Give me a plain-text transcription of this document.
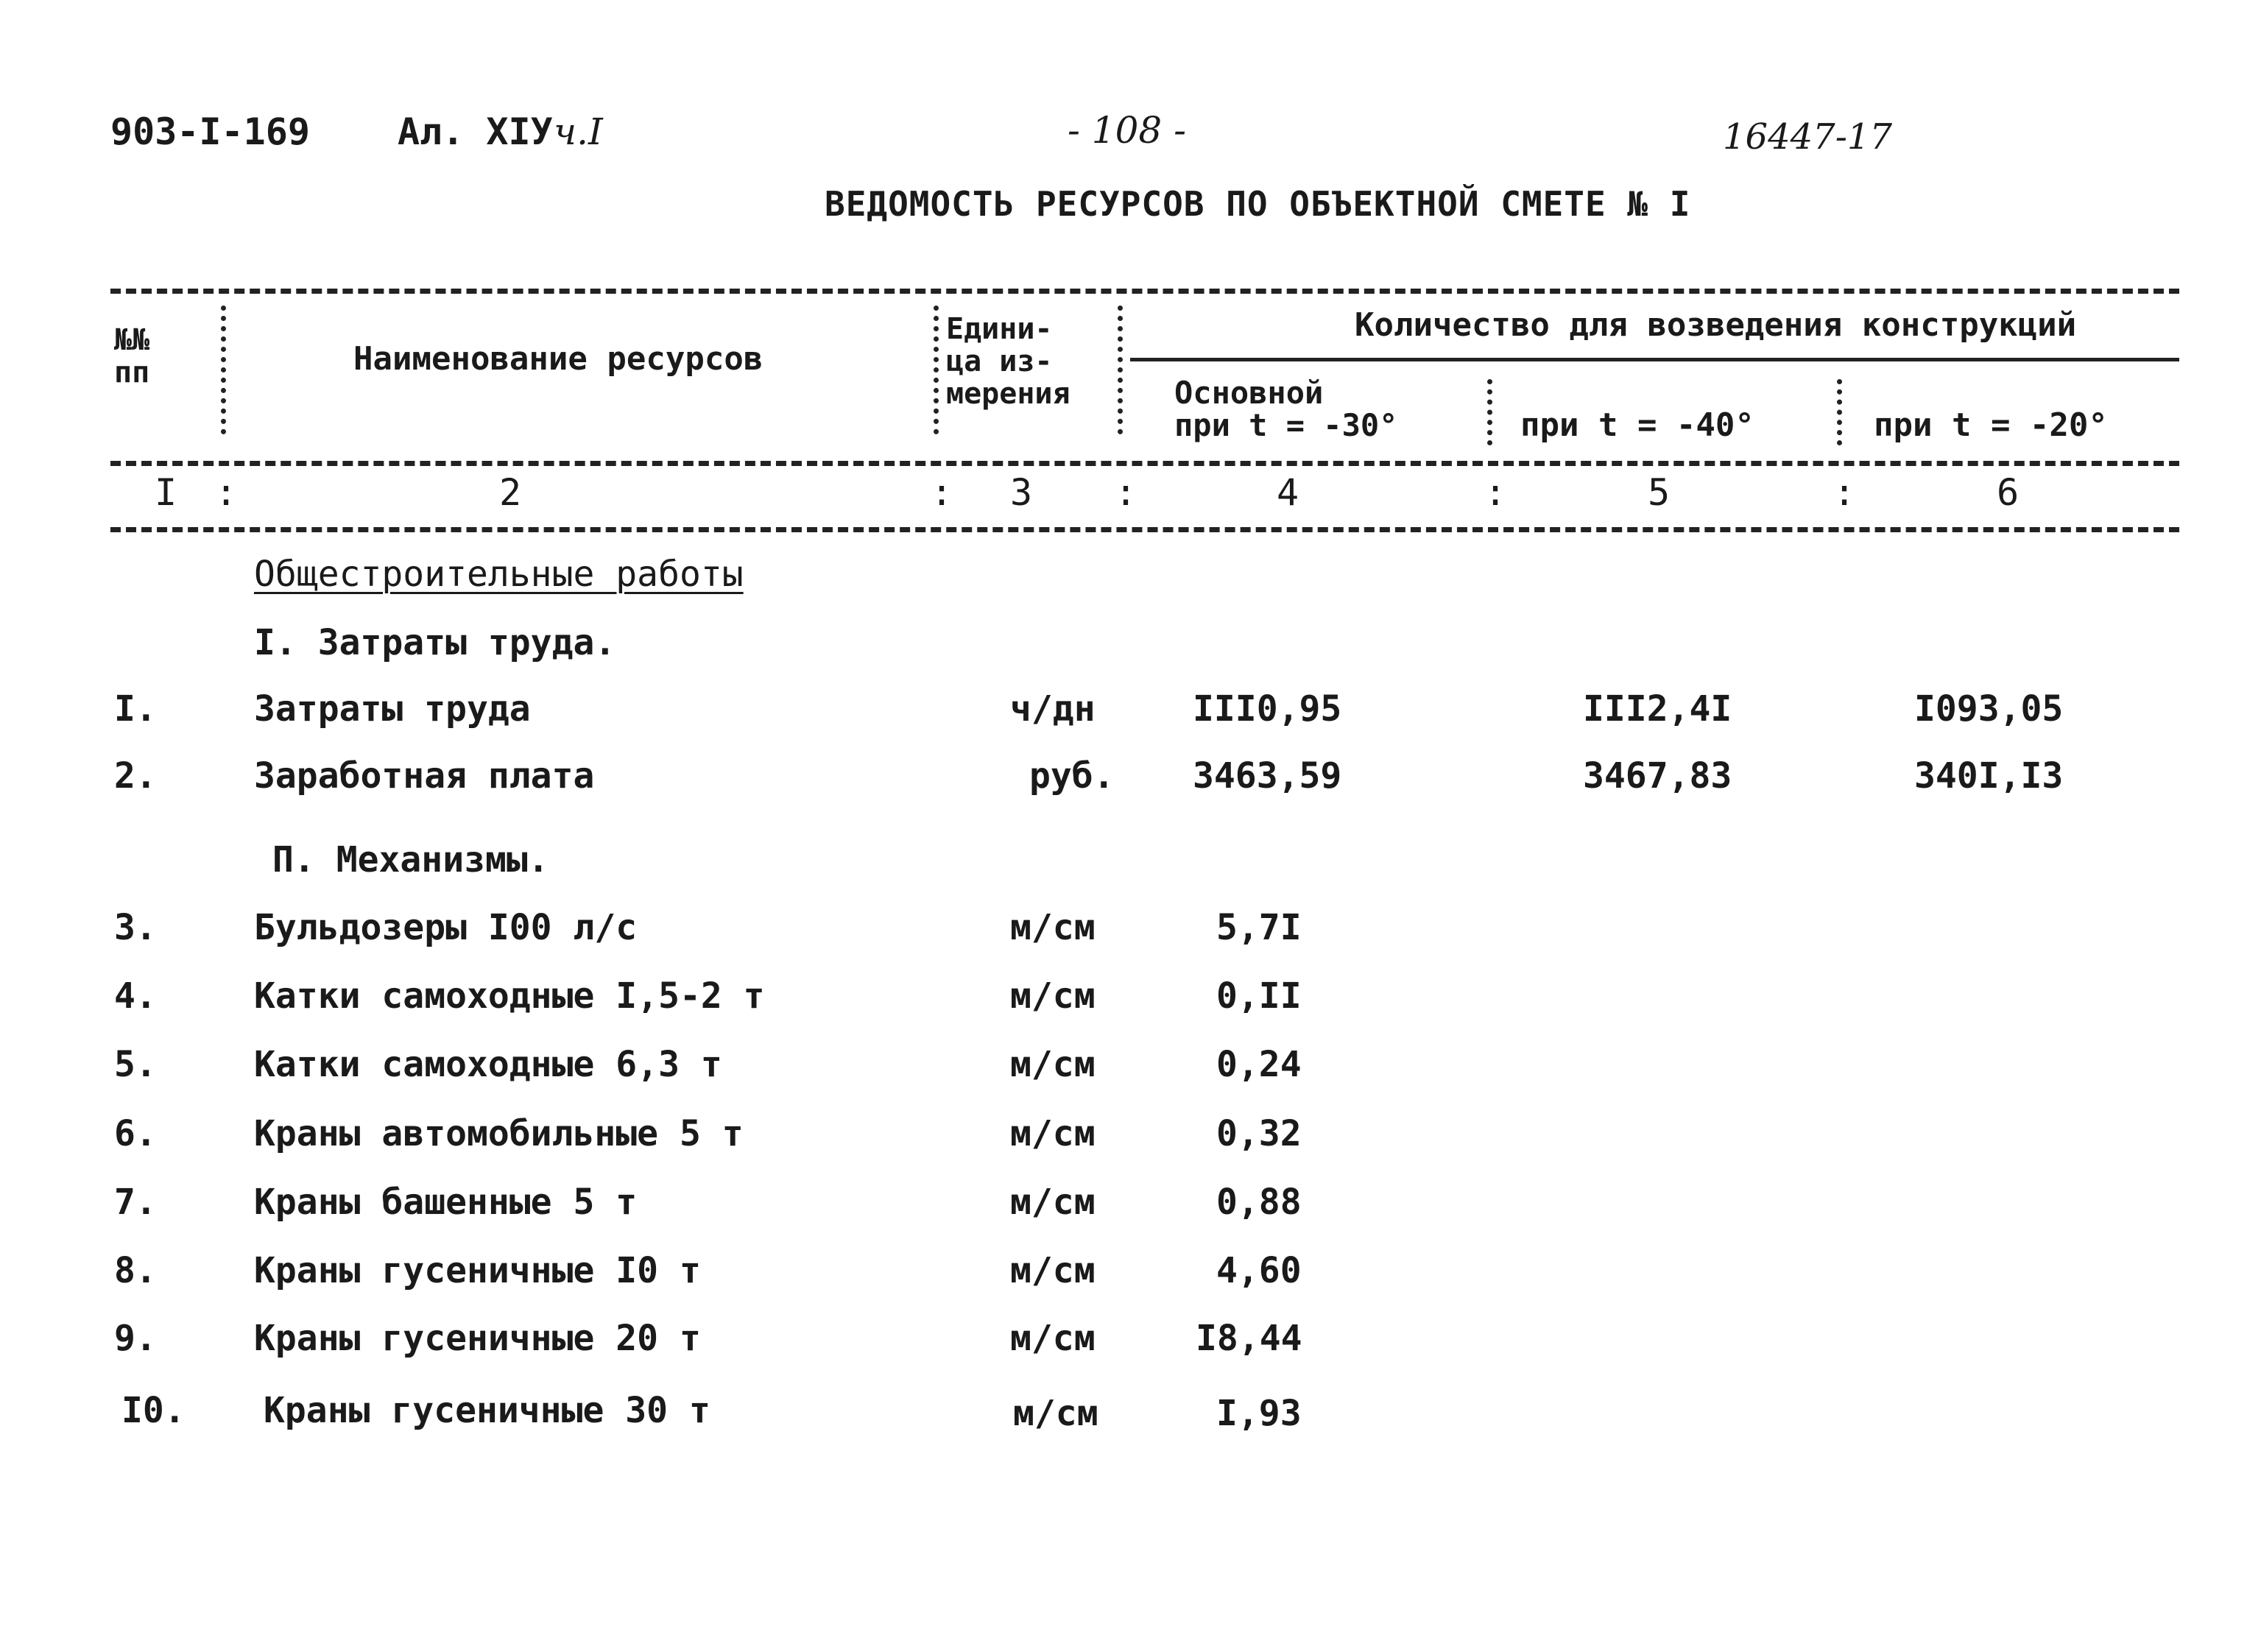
903-I-169 Ал. XIУ ч.I	- 108 -	16447-17
ВЕДОМОСТЬ РЕСУРСОВ ПО ОБЪЕКТНОЙ СМЕТЕ № I
№№
пп	Наименование ресурсов
Едини-
ца из-
мерения
Количество для возведения конструкций
Основной
при t = -30°	при t = -40°	при t = -20°
I :	2	: 3 :	4	:	5	:	6
Общестроительные работы
I. Затраты труда.
I.	Затраты труда	ч/дн	III0,95	III2,4I	I093,05
2.	Заработная плата	руб. 3463,59	3467,83	340I,I3
П. Механизмы.
3.	Бульдозеры I00 л/с	м/см	5,7I
4.	Катки самоходные I,5-2 т	м/см	0,II
5.	Катки самоходные 6,3 т	м/см	0,24
6.	Краны автомобильные 5 т	м/см	0,32
7.	Краны башенные 5 т	м/см	0,88
8.	Краны гусеничные I0 т	м/см	4,60
9.	Краны гусеничные 20 т	м/см	I8,44
I0. Краны гусеничные 30 т	м/см	I,93
